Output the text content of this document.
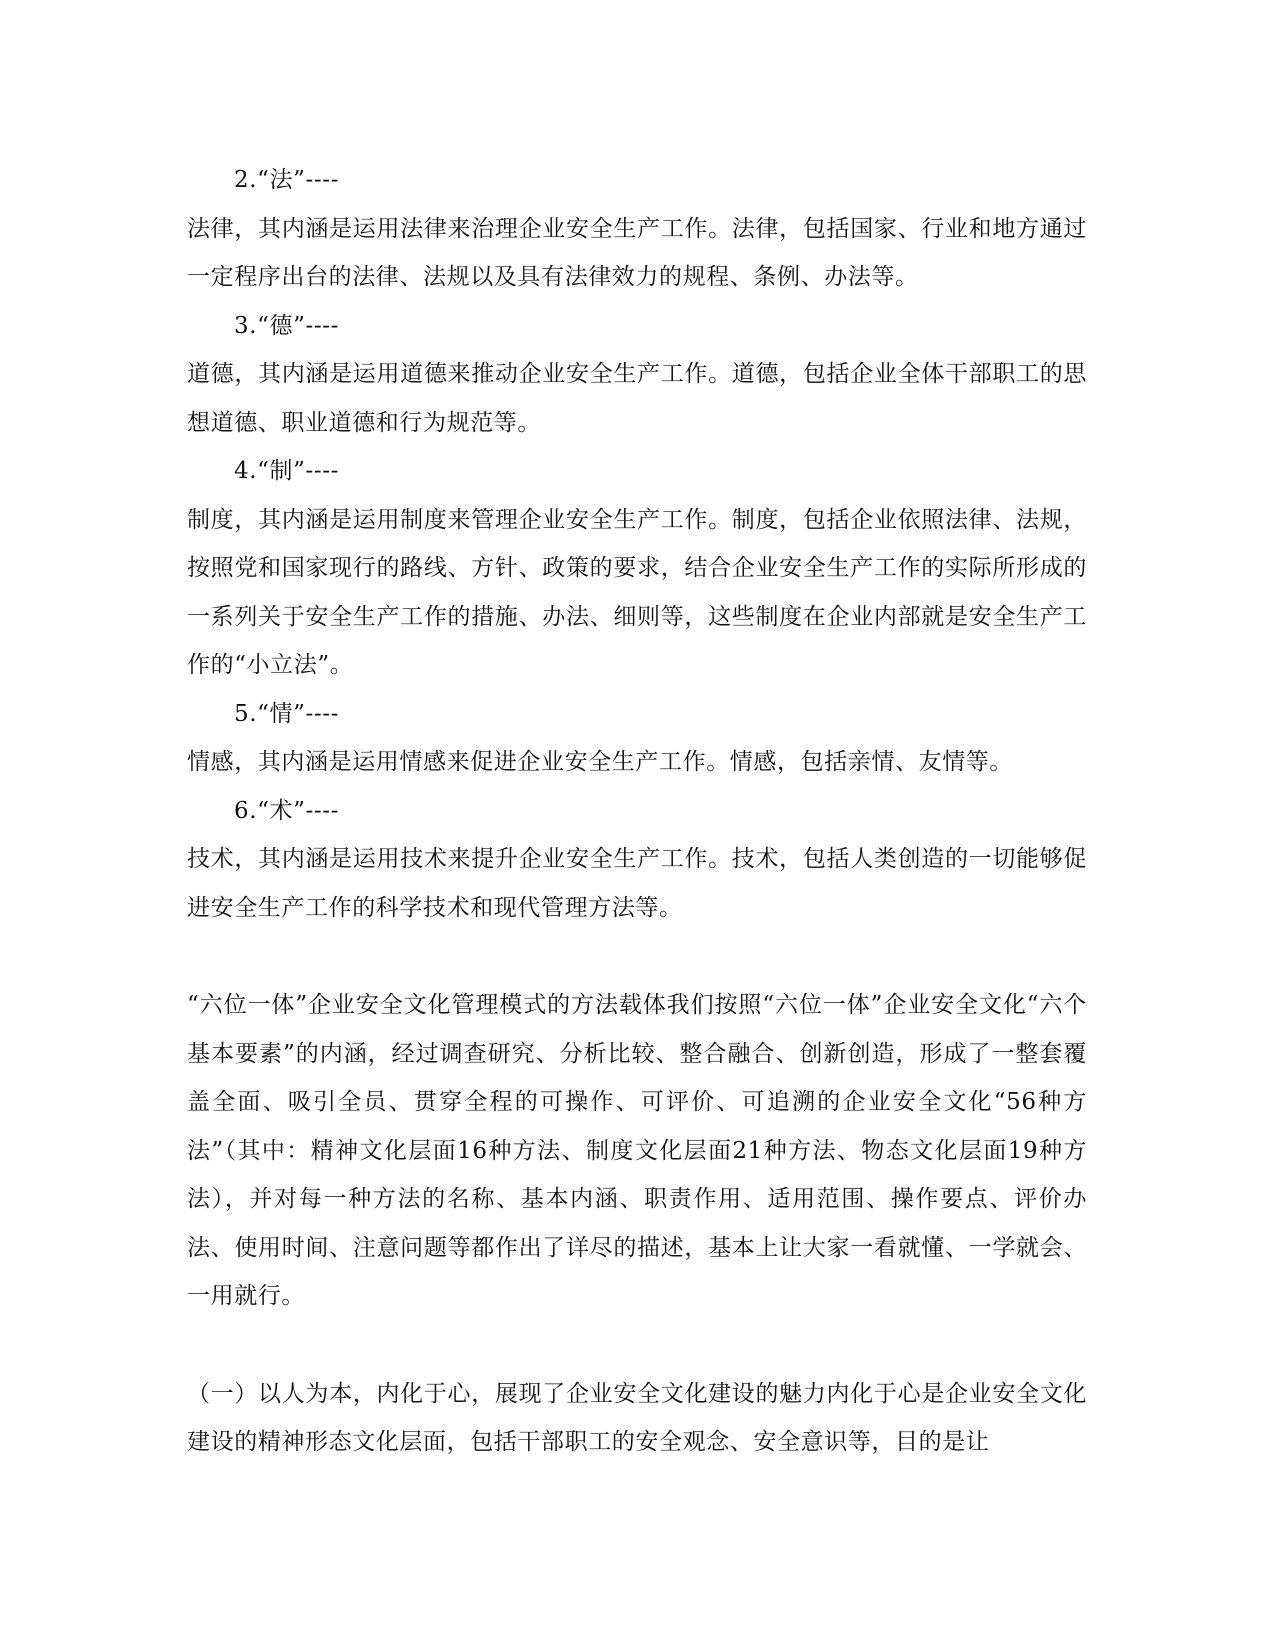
2.“法”----

法律，其内涵是运用法律来治理企业安全生产工作。法律，包括国家、行业和地方通过一定程序出台的法律、法规以及具有法律效力的规程、条例、办法等。

3.“德”----

道德，其内涵是运用道德来推动企业安全生产工作。道德，包括企业全体干部职工的思想道德、职业道德和行为规范等。

4.“制”----

制度，其内涵是运用制度来管理企业安全生产工作。制度，包括企业依照法律、法规，按照党和国家现行的路线、方针、政策的要求，结合企业安全生产工作的实际所形成的一系列关于安全生产工作的措施、办法、细则等，这些制度在企业内部就是安全生产工作的“小立法”。

5.“情”----

情感，其内涵是运用情感来促进企业安全生产工作。情感，包括亲情、友情等。

6.“术”----

技术，其内涵是运用技术来提升企业安全生产工作。技术，包括人类创造的一切能够促进安全生产工作的科学技术和现代管理方法等。

“六位一体”企业安全文化管理模式的方法载体我们按照“六位一体”企业安全文化“六个基本要素”的内涵，经过调查研究、分析比较、整合融合、创新创造，形成了一整套覆盖全面、吸引全员、贯穿全程的可操作、可评价、可追溯的企业安全文化“56种方法”（其中：精神文化层面16种方法、制度文化层面21种方法、物态文化层面19种方法），并对每一种方法的名称、基本内涵、职责作用、适用范围、操作要点、评价办法、使用时间、注意问题等都作出了详尽的描述，基本上让大家一看就懂、一学就会、一用就行。

（一）以人为本，内化于心，展现了企业安全文化建设的魅力内化于心是企业安全文化建设的精神形态文化层面，包括干部职工的安全观念、安全意识等，目的是让
